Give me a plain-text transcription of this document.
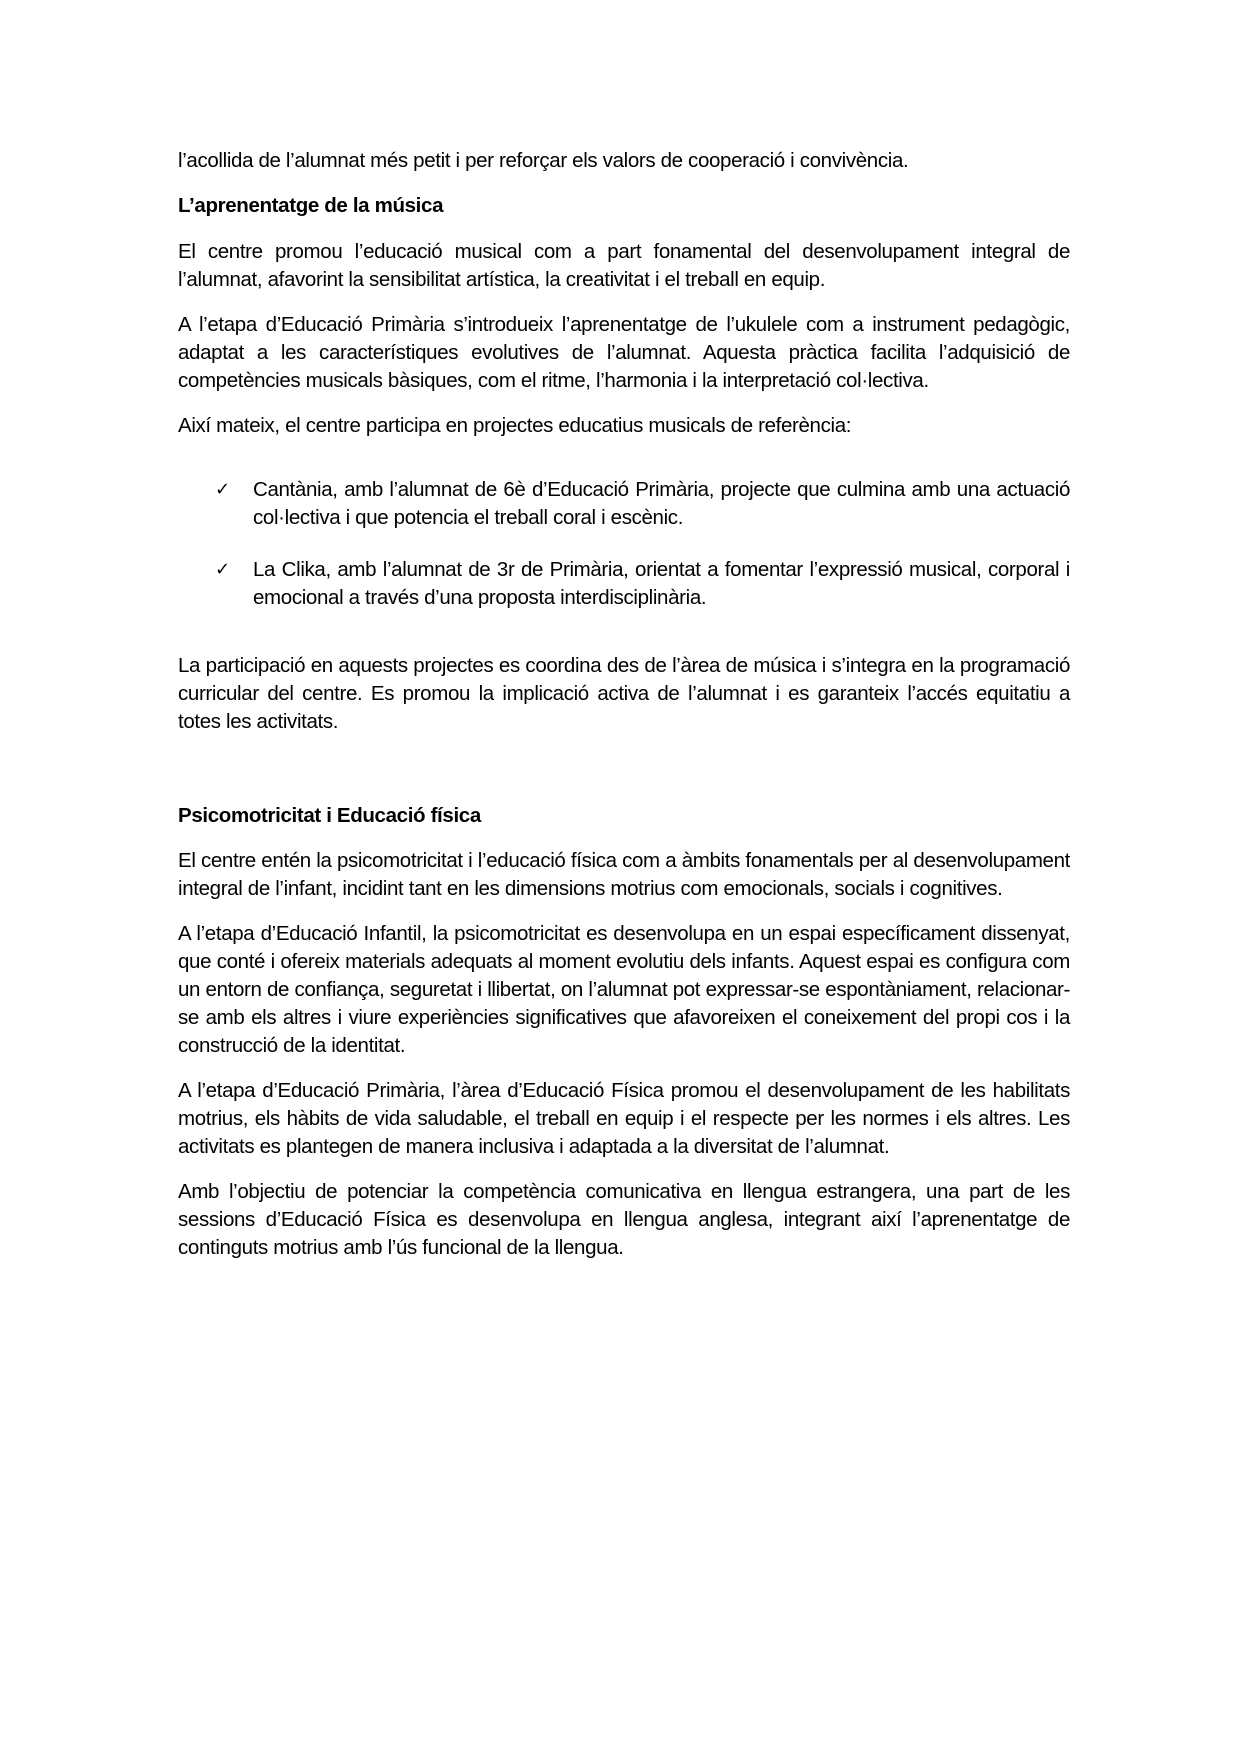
l’acollida de l’alumnat més petit i per reforçar els valors de cooperació i convivència.

L’aprenentatge de la música

El centre promou l’educació musical com a part fonamental del desenvolupament integral de l’alumnat, afavorint la sensibilitat artística, la creativitat i el treball en equip.

A l’etapa d’Educació Primària s’introdueix l’aprenentatge de l’ukulele com a instrument pedagògic, adaptat a les característiques evolutives de l’alumnat. Aquesta pràctica facilita l’adquisició de competències musicals bàsiques, com el ritme, l’harmonia i la interpretació col·lectiva.

Així mateix, el centre participa en projectes educatius musicals de referència:

✓ Cantània, amb l’alumnat de 6è d’Educació Primària, projecte que culmina amb una actuació col·lectiva i que potencia el treball coral i escènic.
✓ La Clika, amb l’alumnat de 3r de Primària, orientat a fomentar l’expressió musical, corporal i emocional a través d’una proposta interdisciplinària.

La participació en aquests projectes es coordina des de l’àrea de música i s’integra en la programació curricular del centre. Es promou la implicació activa de l’alumnat i es garanteix l’accés equitatiu a totes les activitats.

Psicomotricitat i Educació física

El centre entén la psicomotricitat i l’educació física com a àmbits fonamentals per al desenvolupament integral de l’infant, incidint tant en les dimensions motrius com emocionals, socials i cognitives.

A l’etapa d’Educació Infantil, la psicomotricitat es desenvolupa en un espai específicament dissenyat, que conté i ofereix materials adequats al moment evolutiu dels infants. Aquest espai es configura com un entorn de confiança, seguretat i llibertat, on l’alumnat pot expressar-se espontàniament, relacionar-se amb els altres i viure experiències significatives que afavoreixen el coneixement del propi cos i la construcció de la identitat.

A l’etapa d’Educació Primària, l’àrea d’Educació Física promou el desenvolupament de les habilitats motrius, els hàbits de vida saludable, el treball en equip i el respecte per les normes i els altres. Les activitats es plantegen de manera inclusiva i adaptada a la diversitat de l’alumnat.

Amb l’objectiu de potenciar la competència comunicativa en llengua estrangera, una part de les sessions d’Educació Física es desenvolupa en llengua anglesa, integrant així l’aprenentatge de continguts motrius amb l’ús funcional de la llengua.
